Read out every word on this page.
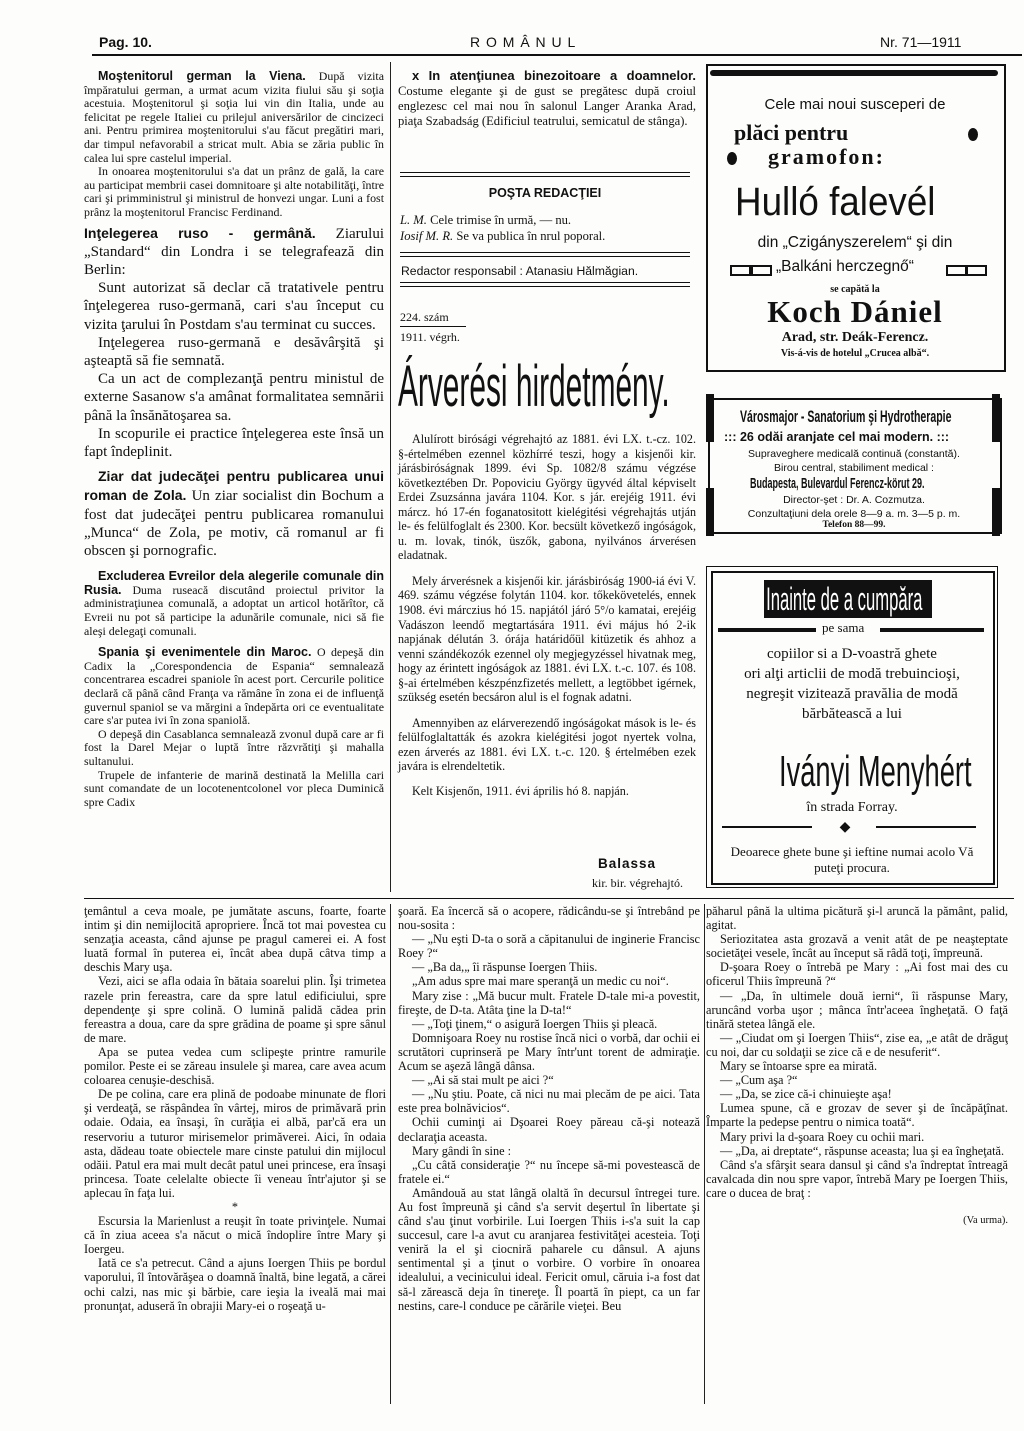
Pag. 10.	R O M Â N U L	Nr. 71—1911

Moştenitorul german la Viena. După vizita împăratului german, a urmat acum vizita fiului său şi soţia acestuia. Moştenitorul şi soţia lui vin din Italia, unde au felicitat pe regele Italiei cu prilejul aniversărilor de cincizeci ani. Pentru primirea moştenitorului s'au făcut pregătiri mari, dar timpul nefavorabil a stricat mult. Abia se zăria public în calea lui spre castelul imperial.

In onoarea moştenitorului s'a dat un prânz de gală, la care au participat membrii casei domnitoare şi alte notabilităţi, între cari şi primministrul şi ministrul de honvezi ungar. Luni a fost prânz la moştenitorul Francisc Ferdinand.

Inţelegerea ruso - germână. Ziarului „Standard“ din Londra i se telegrafează din Berlin:

Sunt autorizat să declar că tratativele pentru înţelegerea ruso-germană, cari s'au început cu vizita ţarului în Postdam s'au terminat cu succes.

Inţelegerea ruso-germană e desăvârşită şi aşteaptă să fie semnată.

Ca un act de complezanţă pentru ministul de externe Sasanow s'a amânat formalitatea semnării până la însănătoşarea sa.

In scopurile ei practice înţelegerea este însă un fapt îndeplinit.

Ziar dat judecăţei pentru publicarea unui roman de Zola. Un ziar socialist din Bochum a fost dat judecăţei pentru publicarea romanului „Munca“ de Zola, pe motiv, că romanul ar fi obscen şi pornografic.

Excluderea Evreilor dela alegerile comunale din Rusia. Duma ruseacă discutând proiectul privitor la administraţiunea comunală, a adoptat un articol hotărîtor, că Evreii nu pot să participe la adunările comunale, nici să fie aleşi delegaţi comunali.

Spania şi evenimentele din Maroc. O depeşă din Cadix la „Corespondencia de Espania“ semnalează concentrarea escadrei spaniole în acest port. Cercurile politice declară că până când Franţa va rămâne în zona ei de influenţă guvernul spaniol se va mărgini a îndepărta ori ce eventualitate care s'ar putea ivi în zona spaniolă.

O depeşă din Casablanca semnalează zvonul după care ar fi fost la Darel Mejar o luptă între răzvrătiţi şi mahalla sultanului.

Trupele de infanterie de marină destinată la Melilla cari sunt comandate de un locotenentcolonel vor pleca Duminică spre Cadix

x In atenţiunea binezoitoare a doamnelor. Costume elegante şi de gust se pregătesc după croiul englezesc cel mai nou în salonul Langer Aranka Arad, piaţa Szabadság (Edificiul teatrului, semicatul de stânga).

POŞTA REDACŢIEI
L. M. Cele trimise în urmă, — nu.
Iosif M. R. Se va publica în nrul poporal.
Redactor responsabil : Atanasiu Hălmăgian.
224. szám
1911. végrh.
Árverési hirdetmény.

Alulírott birósági végrehajtó az 1881. évi LX. t.-cz. 102. §-értelmében ezennel közhírré teszi, hogy a kisjenői kir. járásbiróságnak 1899. évi Sp. 1082/8 számu végzése következtében Dr. Popoviciu György ügyvéd által képviselt Erdei Zsuzsánna javára 1104. Kor. s jár. erejéig 1911. évi márcz. hó 17-én foganatositott kielégitési végrehajtás utján le- és felülfoglalt és 2300. Kor. becsült következő ingóságok, u. m. lovak, tinók, üszők, gabona, nyilvános árverésen eladatnak.

Mely árverésnek a kisjenői kir. járásbiróság 1900-iá évi V. 469. számu végzése folytán 1104. kor. tőkekövetelés, ennek 1908. évi márczius hó 15. napjától járó 5°/o kamatai, erejéig Vadászon leendő megtartására 1911. évi május hó 2-ik napjának délután 3. órája határidőül kitüzetik és ahhoz a venni szándékozók ezennel oly megjegyzéssel hivatnak meg, hogy az érintett ingóságok az 1881. évi LX. t.-c. 107. és 108. §-ai értelmében készpénzfizetés mellett, a legtöbbet igérnek, szükség esetén becsáron alul is el fognak adatni.

Amennyiben az elárverezendő ingóságokat mások is le- és felülfoglaltatták és azokra kielégitési jogot nyertek volna, ezen árverés az 1881. évi LX. t.-c. 120. § értelmében ezek javára is elrendeltetik.

Kelt Kisjenőn, 1911. évi április hó 8. napján.

Balassa
kir. bir. végrehajtó.
Cele mai noui susceperi de
plăci pentru
gramofon:
Hulló falevél
din „Czigányszerelem“ şi din
„Balkáni herczegnő“
se capătă la
Koch Dániel
Arad, str. Deák-Ferencz.
Vis-á-vis de hotelul „Crucea albă“.
Városmajor - Sanatorium şi Hydrotherapie
::: 26 odăi aranjate cel mai modern. :::
Supraveghere medicală continuă (constantă).
Birou central, stabiliment medical :
Budapesta, Bulevardul Ferencz-körut 29.
Director-şet : Dr. A. Cozmutza.
Conzultaţiuni dela orele 8—9 a. m. 3—5 p. m.
Telefon 88—99.
Inainte de a cumpăra
pe sama
copiilor si a D-voastră ghete
ori alţi articlii de modă trebuincioşi, negreşit vizitează pravălia de modă bărbătească a lui
Iványi Menyhért
în strada Forray.
◆
Deoarece ghete bune şi ieftine numai acolo Vă puteţi procura.

ţemântul a ceva moale, pe jumătate ascuns, foarte, foarte intim şi din nemijlocită apropriere. Încă tot mai povestea cu senzaţia aceasta, când ajunse pe pragul camerei ei. A fost luată formal în puterea ei, încât abea după câtva timp a deschis Mary uşa.

Vezi, aici se afla odaia în bătaia soarelui plin. Îşi trimetea razele prin fereastra, care da spre latul edificiului, spre dependenţe şi spre colină. O lumină palidă cădea prin fereastra a doua, care da spre grădina de poame şi spre sânul de mare.

Apa se putea vedea cum sclipeşte printre ramurile pomilor. Peste ei se zăreau insulele şi marea, care avea acum coloarea cenuşie-deschisă.

De pe colina, care era plină de podoabe minunate de flori şi verdeaţă, se răspândea în vârtej, miros de primăvară prin odaie. Odaia, ea însaşi, în curăţia ei albă, par'că era un reservoriu a tuturor mirisemelor primăverei. Aici, în odaia asta, dădeau toate obiectele mare cinste patului din mijlocul odăii. Patul era mai mult decât patul unei princese, era însaşi princesa. Toate celelalte obiecte îi veneau într'ajutor şi se aplecau în faţa lui.

*

Escursia la Marienlust a reuşit în toate privinţele. Numai că în ziua aceea s'a năcut o mică îndoplire între Mary şi Ioergeu.

Iată ce s'a petrecut. Când a ajuns Ioergen Thiis pe bordul vaporului, îl întovărăşea o doamnă înaltă, bine legată, a cărei ochi calzi, nas mic şi bărbie, care ieşia la iveală mai mai pronunţat, aduseră în obrajii Mary-ei o roşeaţă u-

şoară. Ea încercă să o acopere, rădicându-se şi întrebând pe nou-sosita :

— „Nu eşti D-ta o soră a căpitanului de inginerie Francisc Roey ?“

— „Ba da,„ îi răspunse Ioergen Thiis.

„Am adus spre mai mare speranţă un medic cu noi“.

Mary zise : „Mă bucur mult. Fratele D-tale mi-a povestit, fireşte, de D-ta. Atâta ţine la D-ta!“

— „Toţi ţinem,“ o asigură Ioergen Thiis şi pleacă.

Domnişoara Roey nu rostise încă nici o vorbă, dar ochii ei scrutători cuprinseră pe Mary într'unt torent de admiraţie. Acum se aşeză lângă dânsa.

— „Ai să stai mult pe aici ?“

— „Nu ştiu. Poate, că nici nu mai plecăm de pe aici. Tata este prea bolnăvicios“.

Ochii cuminţi ai Dşoarei Roey păreau că-şi notează declaraţia aceasta.

Mary gândi în sine :

„Cu câtă consideraţie ?“ nu începe să-mi povestească de fratele ei.“

Amândouă au stat lângă olaltă în decursul întregei ture. Au fost împreună şi când s'a servit deşertul în libertate şi când s'au ţinut vorbirile. Lui Ioergen Thiis i-s'a suit la cap succesul, care l-a avut cu aranjarea festivităţei acesteia. Toţi veniră la el şi ciocniră paharele cu dânsul. A ajuns sentimental şi a ţinut o vorbire. O vorbire în onoarea idealului, a vecinicului ideal. Fericit omul, căruia i-a fost dat să-l zărească deja în tinereţe. Îl poartă în piept, ca un far nestins, care-l conduce pe cărările vieţei. Beu

păharul până la ultima picătură şi-l aruncă la pământ, palid, agitat.

Seriozitatea asta grozavă a venit atât de pe neaşteptate societăţei vesele, încât au început să râdă toţi, împreună.

D-şoara Roey o întrebă pe Mary : „Ai fost mai des cu oficerul Thiis împreună ?“

— „Da, în ultimele două ierni“, îi răspunse Mary, aruncând vorba uşor ; mânca într'aceea îngheţată. O faţă tinără stetea lângă ele.

— „Ciudat om şi Ioergen Thiis“, zise ea, „e atât de drăguţ cu noi, dar cu soldaţii se zice că e de nesuferit“.

Mary se întoarse spre ea mirată.

— „Cum aşa ?“

— „Da, se zice că-i chinuieşte aşa!

Lumea spune, că e grozav de sever şi de încăpăţînat. Împarte la pedepse pentru o nimica toată“.

Mary privi la d-şoara Roey cu ochii mari.

— „Da, ai dreptate“, răspunse aceasta; lua şi ea îngheţată.

Când s'a sfârşit seara dansul şi când s'a îndreptat întreagă cavalcada din nou spre vapor, întrebă Mary pe Ioergen Thiis, care o ducea de braţ :

(Va urma).
